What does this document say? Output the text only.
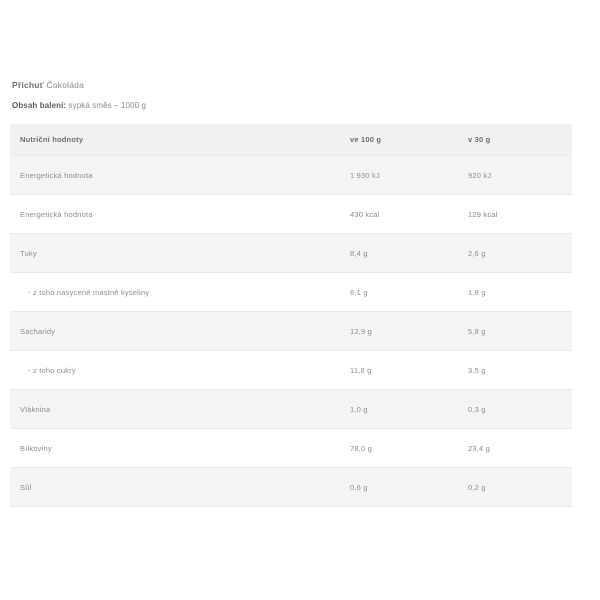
Příchuť Čokoláda
Obsah balení: sypká směs – 1000 g
Nutriční hodnoty	ve 100 g	v 30 g
Energetická hodnota	1 930 kJ	920 kJ
Energetická hodnota	430 kcal	129 kcal
Tuky	8,4 g	2,6 g
- z toho nasycené mastné kyseliny	6,1 g	1,8 g
Sacharidy	12,9 g	5,8 g
- z toho cukry	11,8 g	3,5 g
Vláknina	1,0 g	0,3 g
Bílkoviny	78,0 g	23,4 g
Sůl	0,6 g	0,2 g
